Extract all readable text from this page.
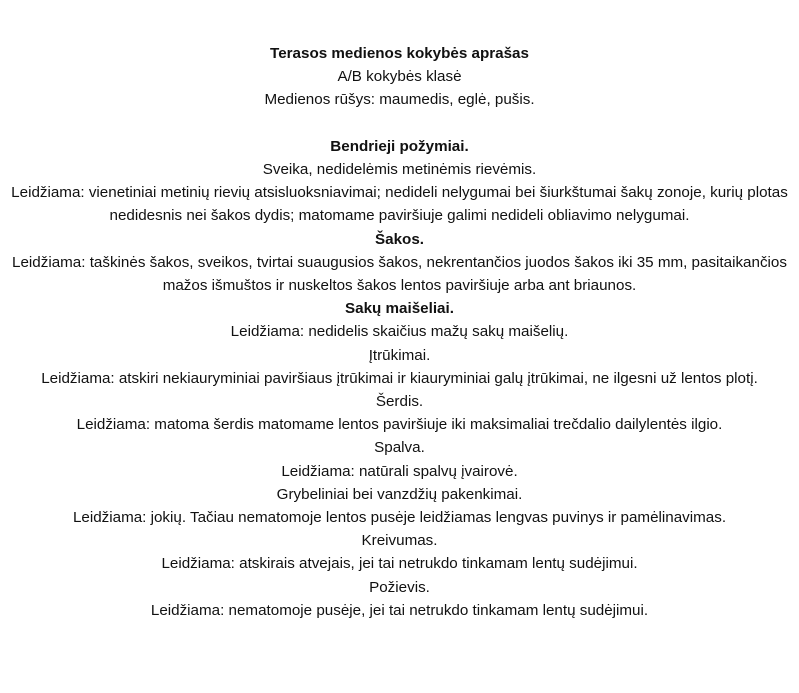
Terasos medienos kokybės aprašas

A/B kokybės klasė

Medienos rūšys: maumedis, eglė, pušis.

Bendrieji požymiai.

Sveika, nedidelėmis metinėmis rievėmis.

Leidžiama: vienetiniai metinių rievių atsisluoksniavimai; nedideli nelygumai bei šiurkštumai šakų zonoje, kurių plotas nedidesnis nei šakos dydis; matomame paviršiuje galimi nedideli obliavimo nelygumai.

Šakos.

Leidžiama: taškinės šakos, sveikos, tvirtai suaugusios šakos, nekrentančios juodos šakos iki 35 mm, pasitaikančios mažos išmuštos ir nuskeltos šakos lentos paviršiuje arba ant briaunos.

Sakų maišeliai.

Leidžiama: nedidelis skaičius mažų sakų maišelių.

Įtrūkimai.

Leidžiama: atskiri nekiauryminiai paviršiaus įtrūkimai ir kiauryminiai galų įtrūkimai, ne ilgesni už lentos plotį.

Šerdis.

Leidžiama: matoma šerdis matomame lentos paviršiuje iki maksimaliai trečdalio dailylentės ilgio.

Spalva.

Leidžiama: natūrali spalvų įvairovė.

Grybeliniai bei vanzdžių pakenkimai.

Leidžiama: jokių. Tačiau nematomoje lentos pusėje leidžiamas lengvas puvinys ir pamėlinavimas.

Kreivumas.

Leidžiama: atskirais atvejais, jei tai netrukdo tinkamam lentų sudėjimui.

Požievis.

Leidžiama: nematomoje pusėje, jei tai netrukdo tinkamam lentų sudėjimui.
